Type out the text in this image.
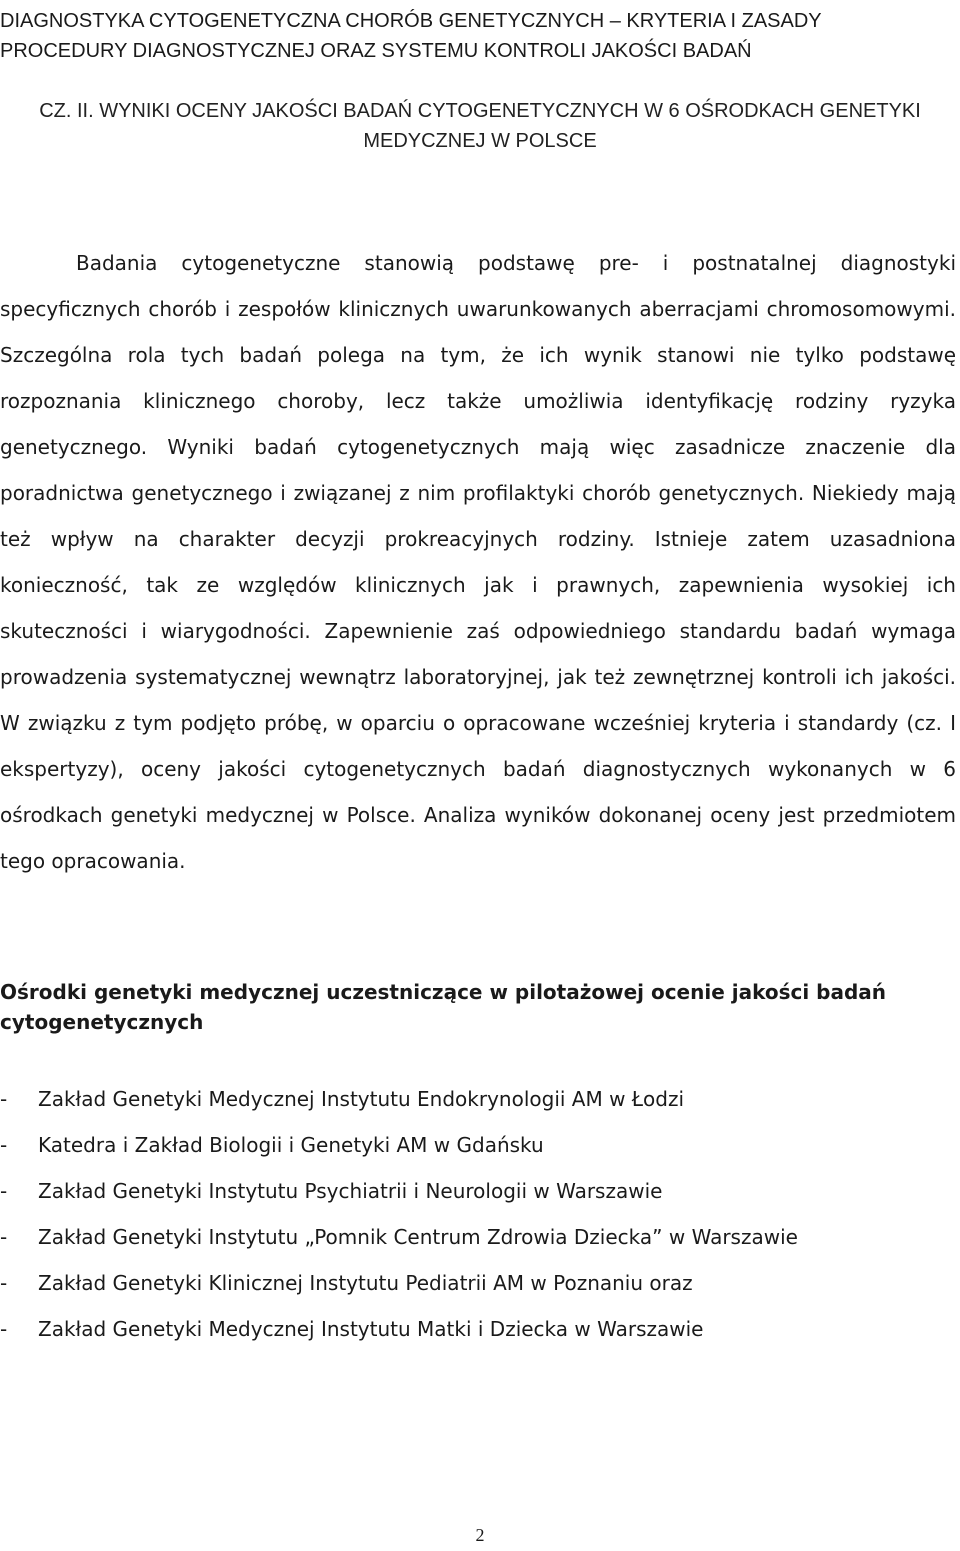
DIAGNOSTYKA CYTOGENETYCZNA CHORÓB GENETYCZNYCH – KRYTERIA I ZASADY
PROCEDURY DIAGNOSTYCZNEJ ORAZ SYSTEMU KONTROLI JAKOŚCI BADAŃ
CZ. II. WYNIKI OCENY JAKOŚCI BADAŃ CYTOGENETYCZNYCH W 6 OŚRODKACH GENETYKI
MEDYCZNEJ W POLSCE

Badania cytogenetyczne stanowią podstawę pre- i postnatalnej diagnostyki specyficznych chorób i zespołów klinicznych uwarunkowanych aberracjami chromosomowymi. Szczególna rola tych badań polega na tym, że ich wynik stanowi nie tylko podstawę rozpoznania klinicznego choroby, lecz także umożliwia identyfikację rodziny ryzyka genetycznego. Wyniki badań cytogenetycznych mają więc zasadnicze znaczenie dla poradnictwa genetycznego i związanej z nim profilaktyki chorób genetycznych. Niekiedy mają też wpływ na charakter decyzji prokreacyjnych rodziny. Istnieje zatem uzasadniona konieczność, tak ze względów klinicznych jak i prawnych, zapewnienia wysokiej ich skuteczności i wiarygodności. Zapewnienie zaś odpowiedniego standardu badań wymaga prowadzenia systematycznej wewnątrz laboratoryjnej, jak też zewnętrznej kontroli ich jakości. W związku z tym podjęto próbę, w oparciu o opracowane wcześniej kryteria i standardy (cz. I ekspertyzy), oceny jakości cytogenetycznych badań diagnostycznych wykonanych w 6 ośrodkach genetyki medycznej w Polsce. Analiza wyników dokonanej oceny jest przedmiotem tego opracowania.

Ośrodki genetyki medycznej uczestniczące w pilotażowej ocenie jakości badań cytogenetycznych
- Zakład Genetyki Medycznej Instytutu Endokrynologii AM w Łodzi
- Katedra i Zakład Biologii i Genetyki AM w Gdańsku
- Zakład Genetyki Instytutu Psychiatrii i Neurologii w Warszawie
- Zakład Genetyki Instytutu „Pomnik Centrum Zdrowia Dziecka” w Warszawie
- Zakład Genetyki Klinicznej Instytutu Pediatrii AM w Poznaniu oraz
- Zakład Genetyki Medycznej Instytutu Matki i Dziecka w Warszawie
2
